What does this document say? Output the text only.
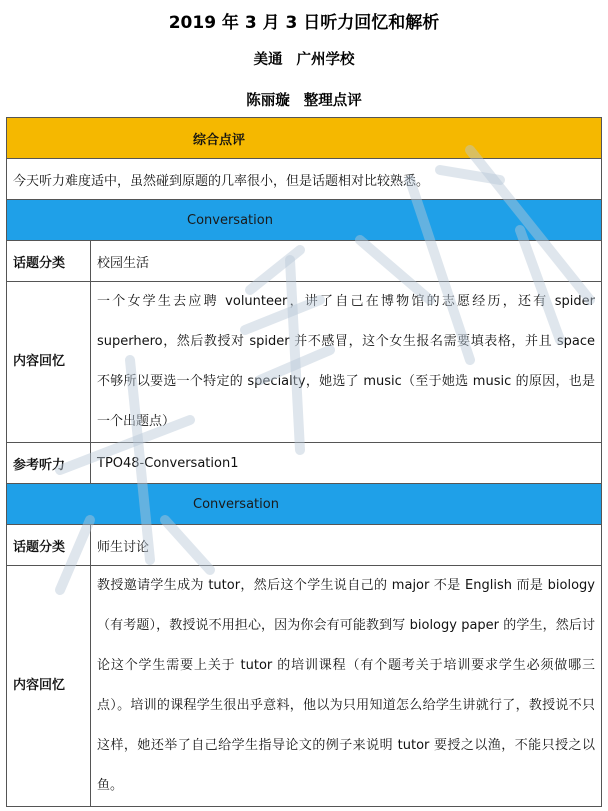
2019 年 3 月 3 日听力回忆和解析
美通 广州学校
陈丽璇 整理点评
综合点评	
今天听力难度适中，虽然碰到原题的几率很小，但是话题相对比较熟悉。	
Conversation	
话题分类	校园生活
内容回忆	一个女学生去应聘 volunteer，讲了自己在博物馆的志愿经历，还有 spider superhero，然后教授对 spider 并不感冒，这个女生报名需要填表格，并且 space 不够所以要选一个特定的 specialty，她选了 music（至于她选 music 的原因，也是一个出题点）
参考听力	TPO48-Conversation1
Conversation	
话题分类	师生讨论
内容回忆	教授邀请学生成为 tutor，然后这个学生说自己的 major 不是 English 而是 biology（有考题），教授说不用担心，因为你会有可能教到写 biology paper 的学生，然后讨论这个学生需要上关于 tutor 的培训课程（有个题考关于培训要求学生必须做哪三点）。培训的课程学生很出乎意料，他以为只用知道怎么给学生讲就行了，教授说不只这样，她还举了自己给学生指导论文的例子来说明 tutor 要授之以渔，不能只授之以鱼。
